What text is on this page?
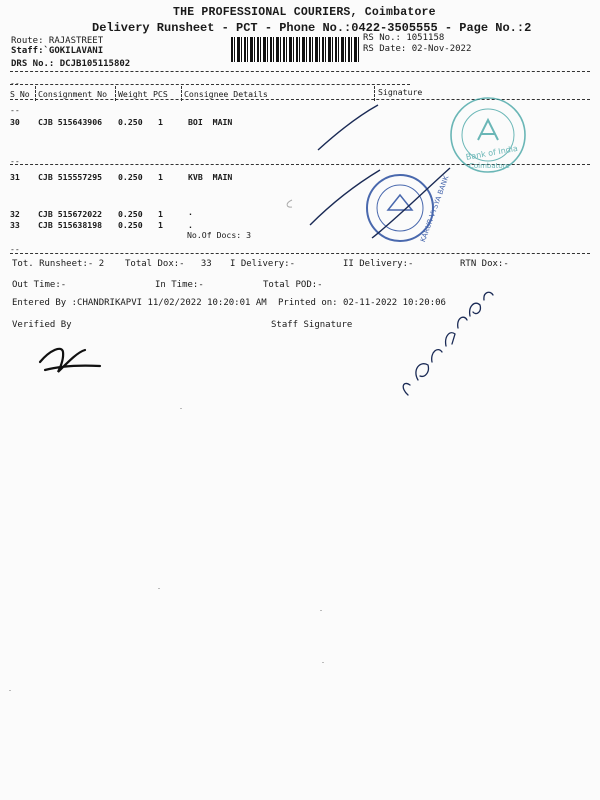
THE PROFESSIONAL COURIERS, Coimbatore
Delivery Runsheet - PCT - Phone No.:0422-3505555 - Page No.:2
Route: RAJASTREET
Staff:`GOKILAVANI
DRS No.: DCJB105115802
RS No.: 1051158
RS Date: 02-Nov-2022
--
S No Consignment No Weight PCS Consignee Details	Signature
--
30 CJB 515643906 0.250 1	BOI  MAIN
--
31 CJB 515557295 0.250 1	KVB  MAIN
32 CJB 515672022 0.250 1	.
33 CJB 515638198 0.250 1	.
No.Of Docs: 3
--
Tot. Runsheet:- 2 Total Dox:-   33 I Delivery:-	II Delivery:-	RTN Dox:-
Out Time:-	In Time:-	Total POD:-
Entered By :CHANDRIKAPVI 11/02/2022 10:20:01 AM Printed on: 02-11-2022 10:20:06
Verified By	Staff Signature
Bank of India
Coimbatore
KARUR VYSYA BANK
